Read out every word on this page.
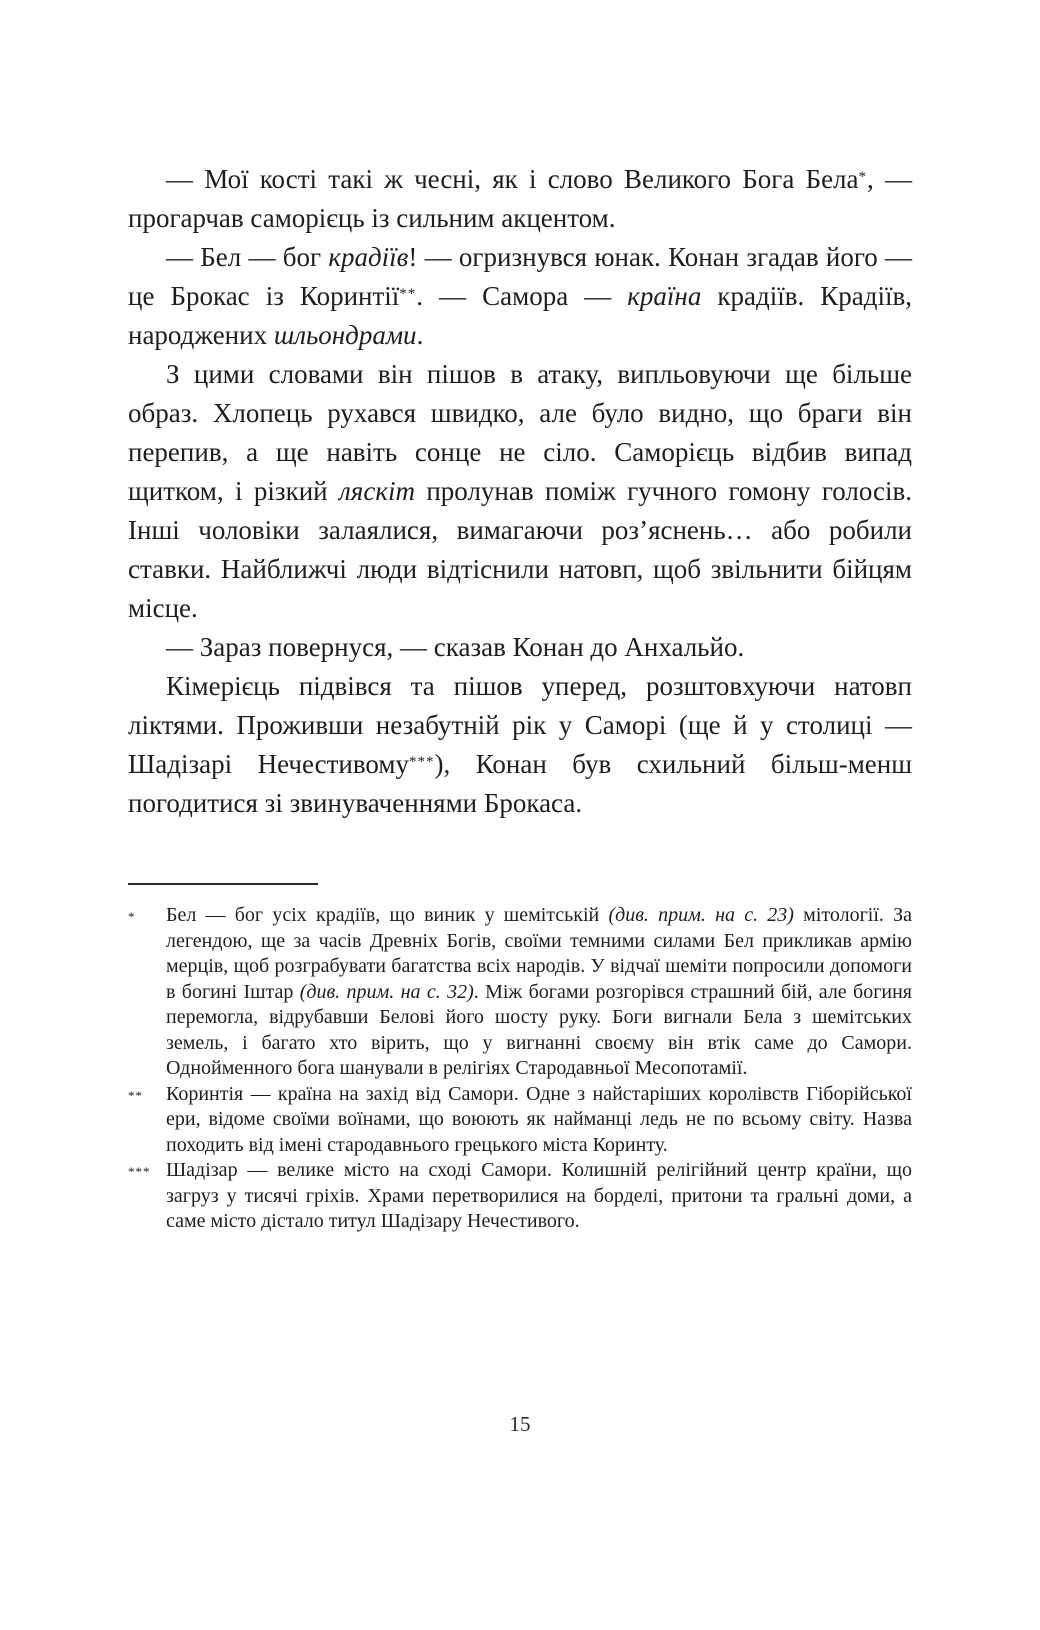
— Мої кості такі ж чесні, як і слово Великого Бога Бела*, — прогарчав саморієць із сильним акцентом.

— Бел — бог крадіїв! — огризнувся юнак. Конан згадав його — це Брокас із Коринтії**. — Самора — країна крадіїв. Крадіїв, народжених шльондрами.

З цими словами він пішов в атаку, випльовуючи ще більше образ. Хлопець рухався швидко, але було видно, що браги він перепив, а ще навіть сонце не сіло. Саморієць відбив випад щитком, і різкий ляскіт пролунав поміж гучного гомону голосів. Інші чоловіки залаялися, вимагаючи роз’яснень… або робили ставки. Найближчі люди відтіснили натовп, щоб звільнити бійцям місце.

— Зараз повернуся, — сказав Конан до Анхальйо.

Кімерієць підвівся та пішов уперед, розштовхуючи натовп ліктями. Проживши незабутній рік у Саморі (ще й у столиці — Шадізарі Нечестивому***), Конан був схильний більш-менш погодитися зі звинуваченнями Брокаса.

* Бел — бог усіх крадіїв, що виник у шемітській (див. прим. на с. 23) мітології. За легендою, ще за часів Древніх Богів, своїми темними силами Бел прикликав армію мерців, щоб розграбувати багатства всіх народів. У відчаї шеміти попросили допомоги в богині Іштар (див. прим. на с. 32). Між богами розгорівся страшний бій, але богиня перемогла, відрубавши Белові його шосту руку. Боги вигнали Бела з шемітських земель, і багато хто вірить, що у вигнанні своєму він втік саме до Самори. Однойменного бога шанували в релігіях Стародавньої Месопотамії.
** Коринтія — країна на захід від Самори. Одне з найстаріших королівств Гіборійської ери, відоме своїми воїнами, що воюють як найманці ледь не по всьому світу. Назва походить від імені стародавнього грецького міста Коринту.
*** Шадізар — велике місто на сході Самори. Колишній релігійний центр країни, що загруз у тисячі гріхів. Храми перетворилися на борделі, притони та гральні доми, а саме місто дістало титул Шадізару Нечестивого.
15
